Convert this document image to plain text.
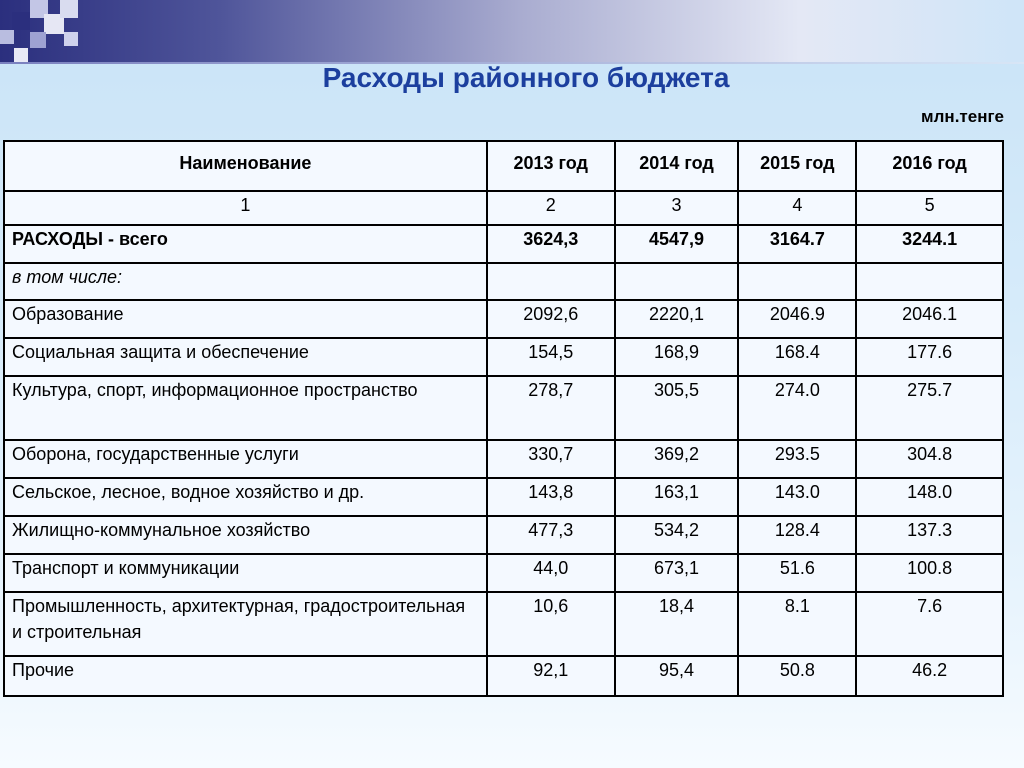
Расходы районного бюджета
млн.тенге
Наименование	2013 год	2014 год	2015 год	2016 год
1	2	3	4	5
РАСХОДЫ - всего	3624,3	4547,9	3164.7	3244.1
в том числе:				
Образование	2092,6	2220,1	2046.9	2046.1
Социальная защита и обеспечение	154,5	168,9	168.4	177.6
Культура, спорт, информационное пространство	278,7	305,5	274.0	275.7
Оборона, государственные услуги	330,7	369,2	293.5	304.8
Сельское, лесное, водное хозяйство и др.	143,8	163,1	143.0	148.0
Жилищно-коммунальное хозяйство	477,3	534,2	128.4	137.3
Транспорт и коммуникации	44,0	673,1	51.6	100.8
Промышленность, архитектурная, градостроительная и строительная	10,6	18,4	8.1	7.6
Прочие	92,1	95,4	50.8	46.2
